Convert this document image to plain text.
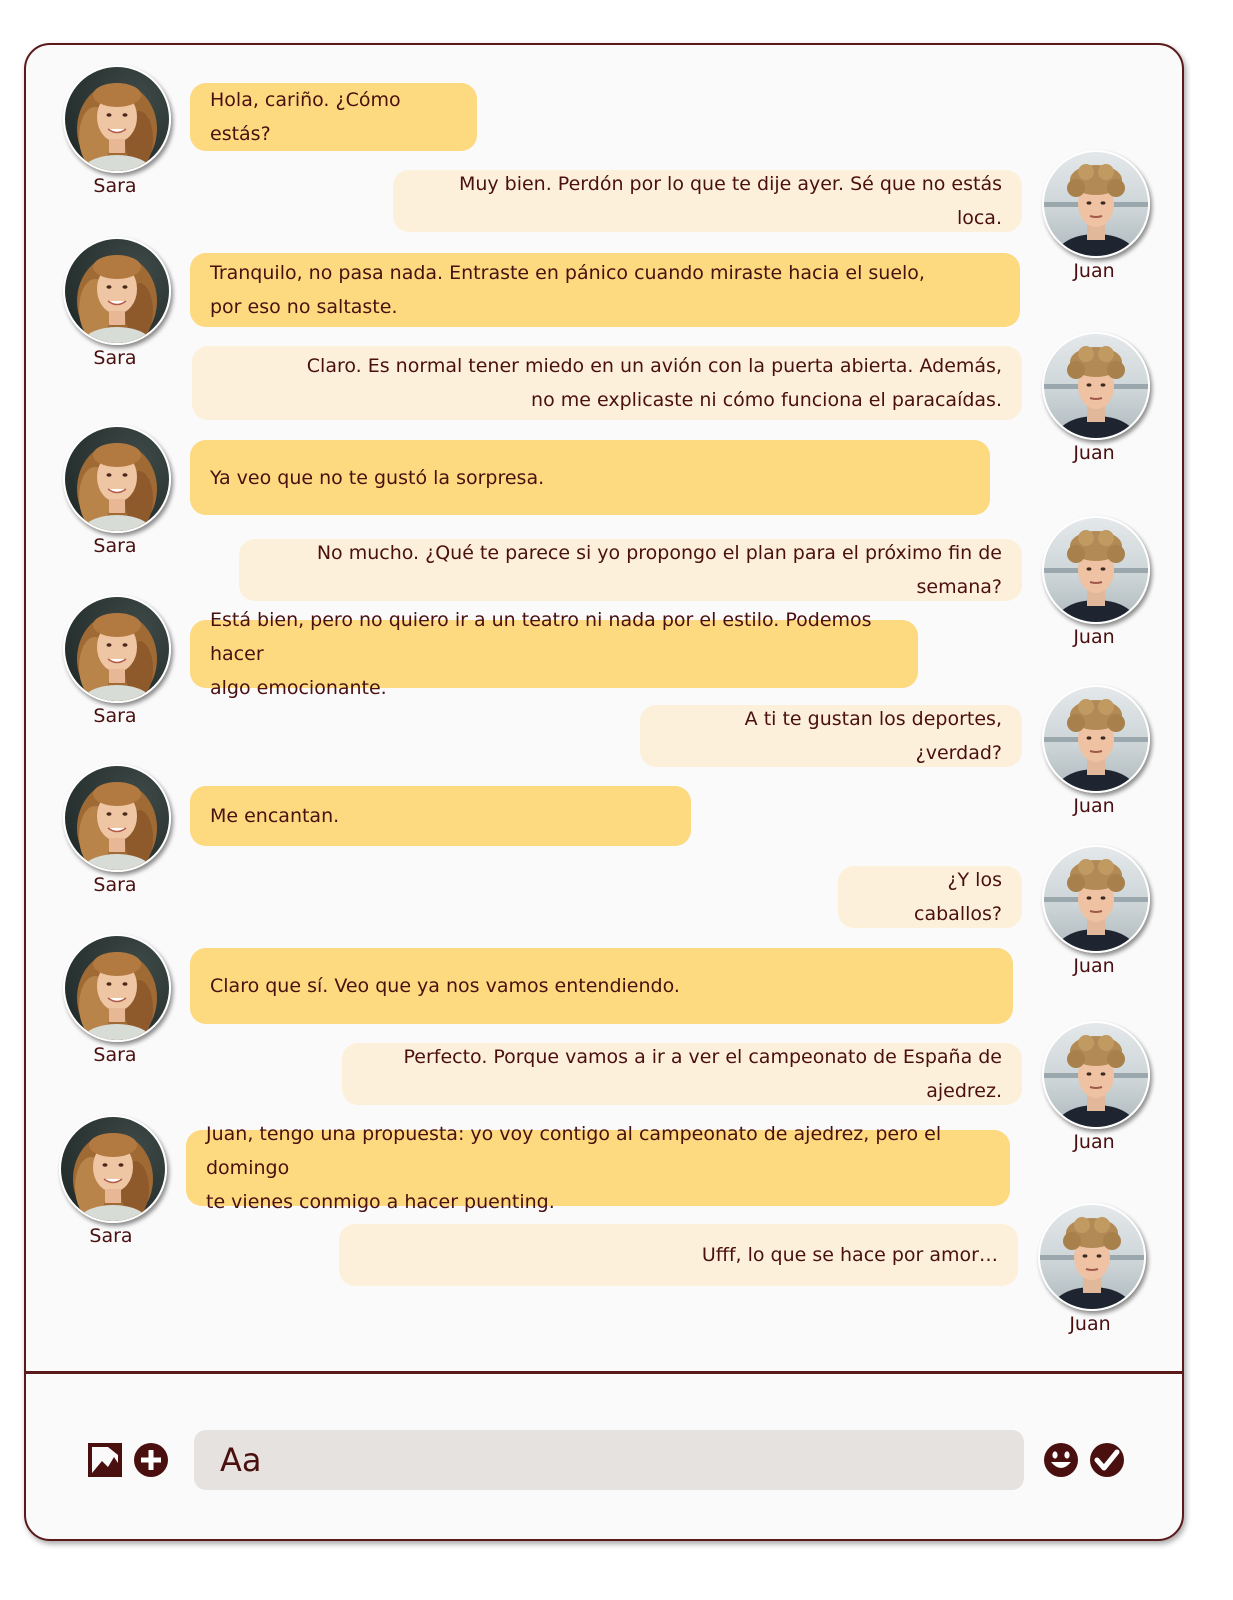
Hola, cariño. ¿Cómo estás?
Sara	Muy bien. Perdón por lo que te dije ayer. Sé que no estás loca.
Juan
Tranquilo, no pasa nada. Entraste en pánico cuando miraste hacia el suelo,
por eso no saltaste.
Sara	Claro. Es normal tener miedo en un avión con la puerta abierta. Además,
no me explicaste ni cómo funciona el paracaídas.
Juan
Ya veo que no te gustó la sorpresa.
Sara	No mucho. ¿Qué te parece si yo propongo el plan para el próximo fin de semana?
Juan
Está bien, pero no quiero ir a un teatro ni nada por el estilo. Podemos hacer
algo emocionante.
Sara	A ti te gustan los deportes, ¿verdad?
Juan
Me encantan.
Sara	¿Y los caballos?
Juan
Claro que sí. Veo que ya nos vamos entendiendo.
Sara	Perfecto. Porque vamos a ir a ver el campeonato de España de ajedrez.
Juan
Juan, tengo una propuesta: yo voy contigo al campeonato de ajedrez, pero el domingo
te vienes conmigo a hacer puenting.
Sara
Ufff, lo que se hace por amor…
Juan
Aa
